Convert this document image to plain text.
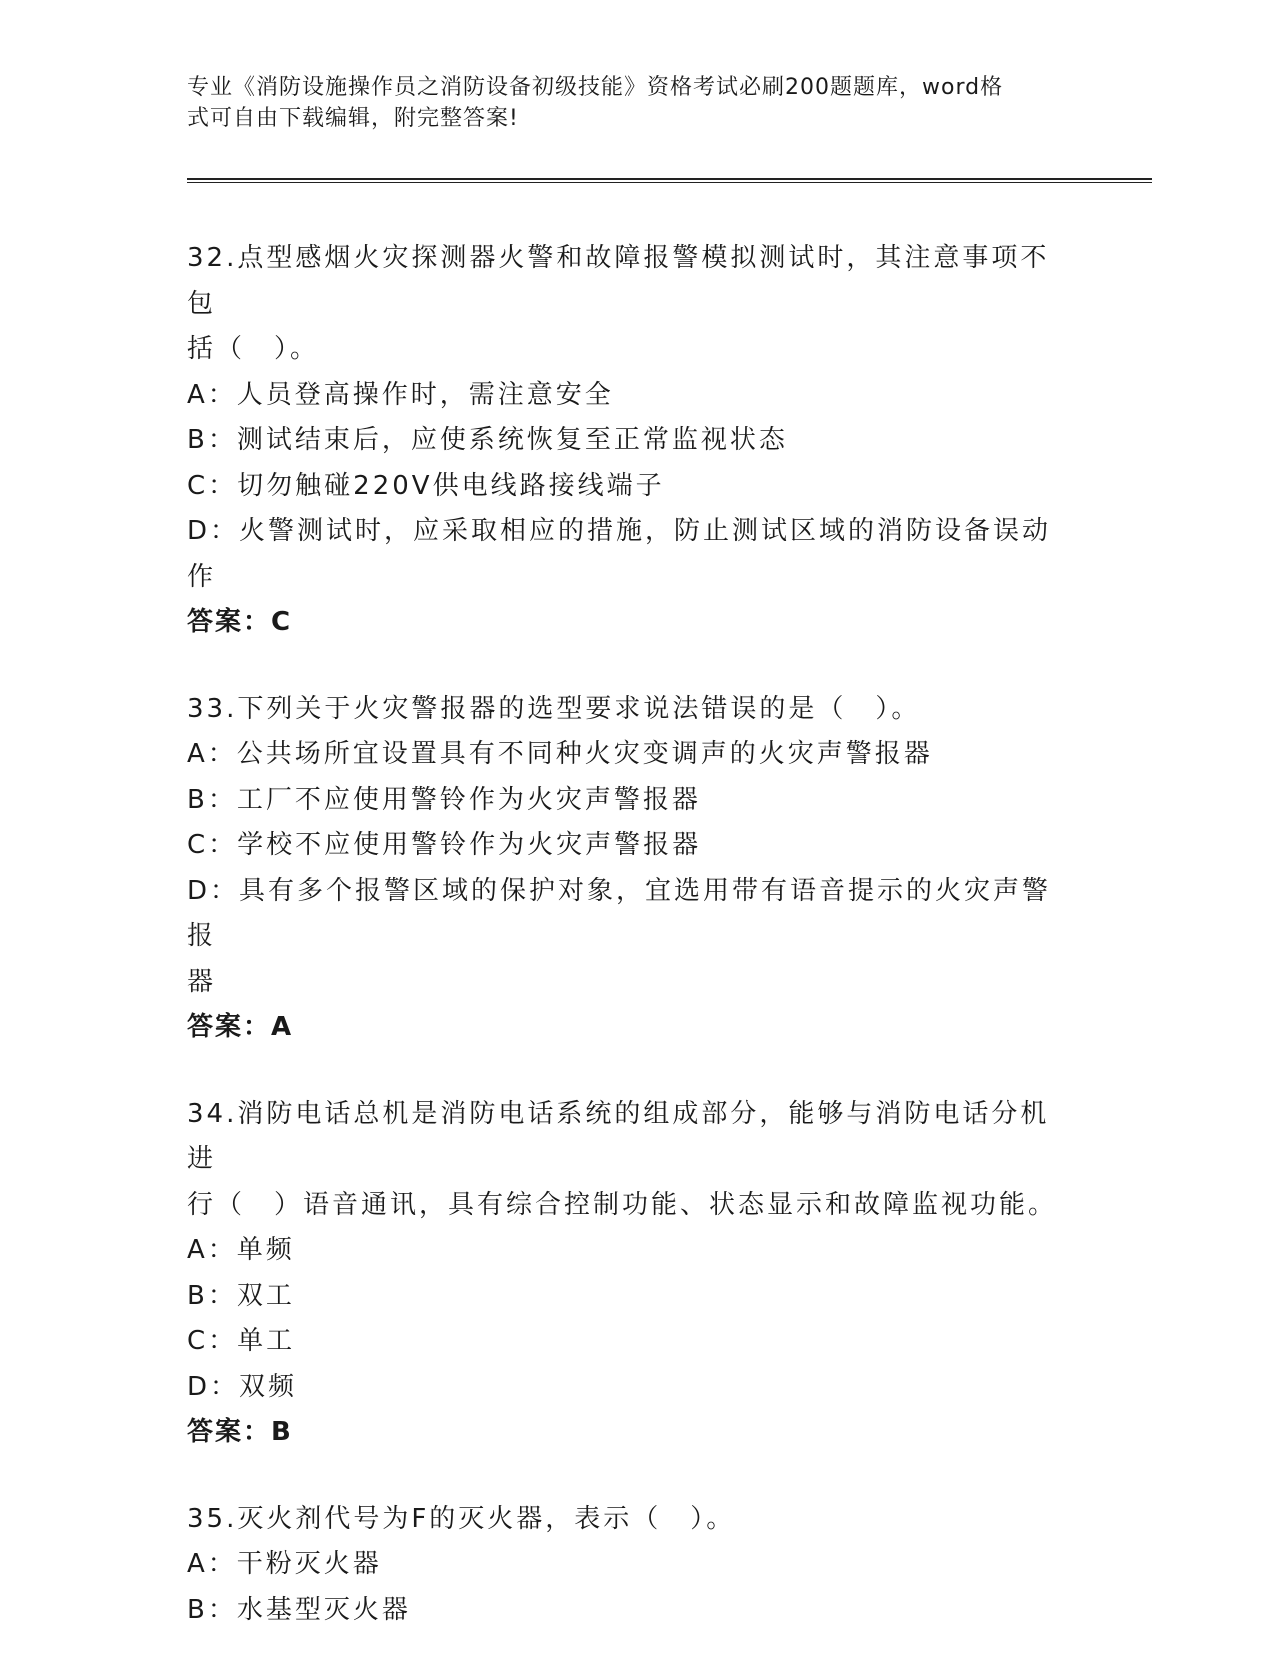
专业《消防设施操作员之消防设备初级技能》资格考试必刷200题题库，word格
式可自由下载编辑，附完整答案!
32.点型感烟火灾探测器火警和故障报警模拟测试时，其注意事项不包
括（　）。
A：人员登高操作时，需注意安全
B：测试结束后，应使系统恢复至正常监视状态
C：切勿触碰220V供电线路接线端子
D：火警测试时，应采取相应的措施，防止测试区域的消防设备误动作
答案：C
33.下列关于火灾警报器的选型要求说法错误的是（　）。
A：公共场所宜设置具有不同种火灾变调声的火灾声警报器
B：工厂不应使用警铃作为火灾声警报器
C：学校不应使用警铃作为火灾声警报器
D：具有多个报警区域的保护对象，宜选用带有语音提示的火灾声警报
器
答案：A
34.消防电话总机是消防电话系统的组成部分，能够与消防电话分机进
行（　）语音通讯，具有综合控制功能、状态显示和故障监视功能。
A：单频
B：双工
C：单工
D：双频
答案：B
35.灭火剂代号为F的灭火器，表示（　）。
A：干粉灭火器
B：水基型灭火器
